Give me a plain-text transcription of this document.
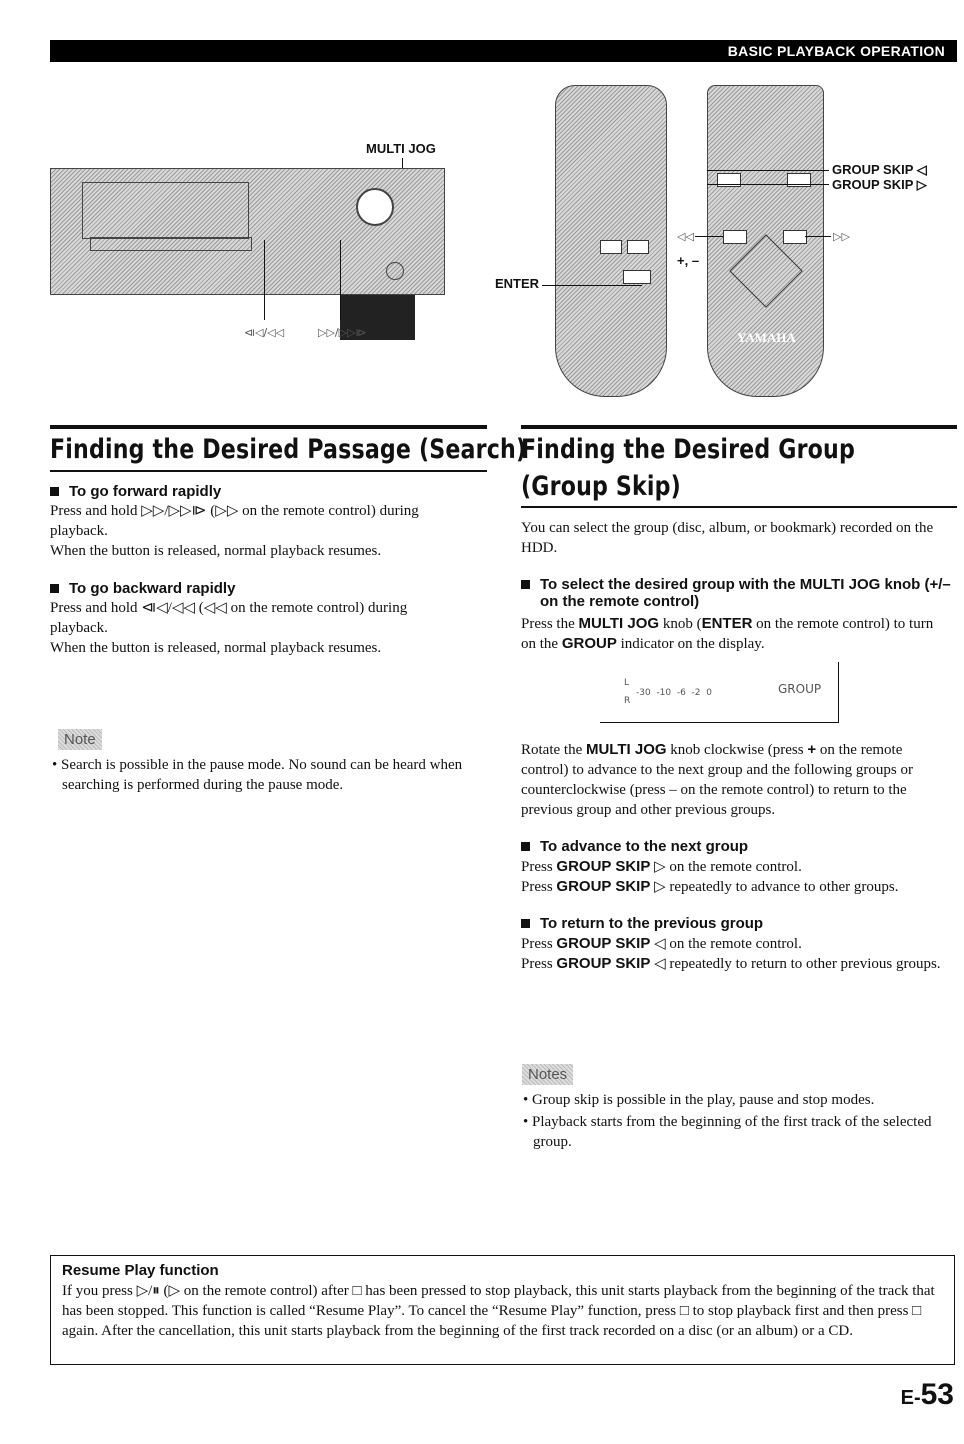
BASIC PLAYBACK OPERATION
MULTI JOG
⧏◁/◁◁	▷▷/▷▷⧐
ENTER
+, –
GROUP SKIP ◁
GROUP SKIP ▷
◁◁	▷▷
YAMAHA
Finding the Desired Passage (Search)
To go forward rapidly
Press and hold ▷▷/▷▷⧐ (▷▷ on the remote control) during playback.
When the button is released, normal playback resumes.
To go backward rapidly
Press and hold ⧏◁/◁◁ (◁◁ on the remote control) during playback.
When the button is released, normal playback resumes.
Note
• Search is possible in the pause mode. No sound can be heard when searching is performed during the pause mode.
Finding the Desired Group
(Group Skip)
You can select the group (disc, album, or bookmark) recorded on the HDD.
To select the desired group with the MULTI JOG knob (+/– on the remote control)
Press the MULTI JOG knob (ENTER on the remote control) to turn on the GROUP indicator on the display.
L
R
-30  -10  -6  -2  0	GROUP
Rotate the MULTI JOG knob clockwise (press + on the remote control) to advance to the next group and the following groups or counterclockwise (press – on the remote control) to return to the previous group and other previous groups.
To advance to the next group
Press GROUP SKIP ▷ on the remote control.
Press GROUP SKIP ▷ repeatedly to advance to other groups.
To return to the previous group
Press GROUP SKIP ◁ on the remote control.
Press GROUP SKIP ◁ repeatedly to return to other previous groups.
Notes
• Group skip is possible in the play, pause and stop modes.
• Playback starts from the beginning of the first track of the selected group.
Resume Play function
If you press ▷/⏸ (▷ on the remote control) after □ has been pressed to stop playback, this unit starts playback from the beginning of the track that has been stopped. This function is called “Resume Play”. To cancel the “Resume Play” function, press □ to stop playback first and then press □ again. After the cancellation, this unit starts playback from the beginning of the first track recorded on a disc (or an album) or a CD.
E-53
